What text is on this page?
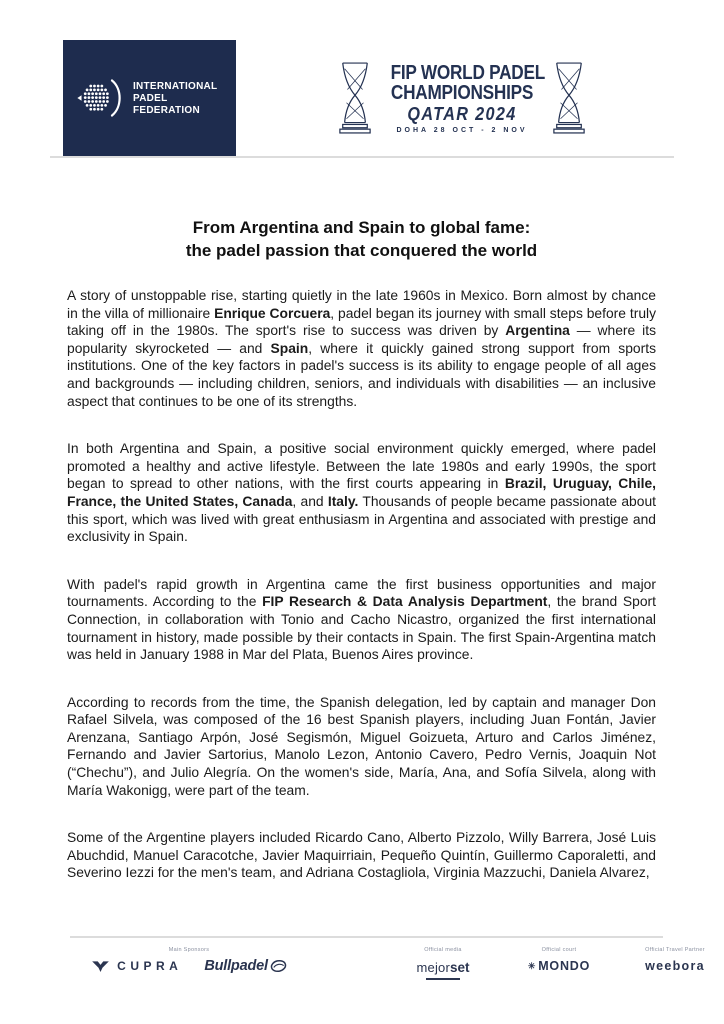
INTERNATIONAL
PADEL
FEDERATION
FIP WORLD PADEL
CHAMPIONSHIPS
QATAR 2024
DOHA 28 OCT - 2 NOV
From Argentina and Spain to global fame:
the padel passion that conquered the world

A story of unstoppable rise, starting quietly in the late 1960s in Mexico. Born almost by chance in the villa of millionaire Enrique Corcuera, padel began its journey with small steps before truly taking off in the 1980s. The sport's rise to success was driven by Argentina — where its popularity skyrocketed — and Spain, where it quickly gained strong support from sports institutions. One of the key factors in padel's success is its ability to engage people of all ages and backgrounds — including children, seniors, and individuals with disabilities — an inclusive aspect that continues to be one of its strengths.

In both Argentina and Spain, a positive social environment quickly emerged, where padel promoted a healthy and active lifestyle. Between the late 1980s and early 1990s, the sport began to spread to other nations, with the first courts appearing in Brazil, Uruguay, Chile, France, the United States, Canada, and Italy. Thousands of people became passionate about this sport, which was lived with great enthusiasm in Argentina and associated with prestige and exclusivity in Spain.

With padel's rapid growth in Argentina came the first business opportunities and major tournaments. According to the FIP Research & Data Analysis Department, the brand Sport Connection, in collaboration with Tonio and Cacho Nicastro, organized the first international tournament in history, made possible by their contacts in Spain. The first Spain-Argentina match was held in January 1988 in Mar del Plata, Buenos Aires province.

According to records from the time, the Spanish delegation, led by captain and manager Don Rafael Silvela, was composed of the 16 best Spanish players, including Juan Fontán, Javier Arenzana, Santiago Arpón, José Segismón, Miguel Goizueta, Arturo and Carlos Jiménez, Fernando and Javier Sartorius, Manolo Lezon, Antonio Cavero, Pedro Vernis, Joaquin Not (“Chechu”), and Julio Alegría. On the women's side, María, Ana, and Sofía Silvela, along with María Wakonigg, were part of the team.

Some of the Argentine players included Ricardo Cano, Alberto Pizzolo, Willy Barrera, José Luis Abuchdid, Manuel Caracotche, Javier Maquirriain, Pequeño Quintín, Guillermo Caporaletti, and Severino Iezzi for the men's team, and Adriana Costagliola, Virginia Mazzuchi, Daniela Alvarez,

Main Sponsors
CUPRA Bullpadel
Official media
mejorset
Official court
✳ MONDO
Official Travel Partner
weebora
